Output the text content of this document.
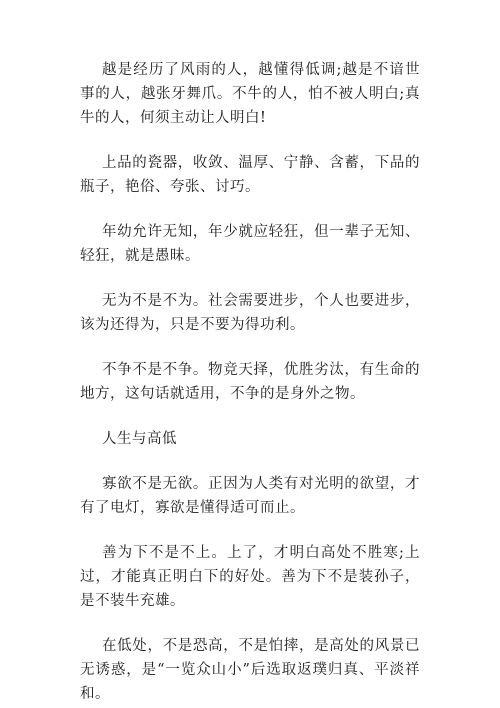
越是经历了风雨的人，越懂得低调;越是不谙世事的人，越张牙舞爪。不牛的人，怕不被人明白;真牛的人，何须主动让人明白!

上品的瓷器，收敛、温厚、宁静、含蓄，下品的瓶子，艳俗、夸张、讨巧。

年幼允许无知，年少就应轻狂，但一辈子无知、轻狂，就是愚昧。

无为不是不为。社会需要进步，个人也要进步，该为还得为，只是不要为得功利。

不争不是不争。物竞天择，优胜劣汰，有生命的地方，这句话就适用，不争的是身外之物。

人生与高低

寡欲不是无欲。正因为人类有对光明的欲望，才有了电灯，寡欲是懂得适可而止。

善为下不是不上。上了，才明白高处不胜寒;上过，才能真正明白下的好处。善为下不是装孙子，是不装牛充雄。

在低处，不是恐高，不是怕摔，是高处的风景已无诱惑，是“一览众山小”后选取返璞归真、平淡祥和。
